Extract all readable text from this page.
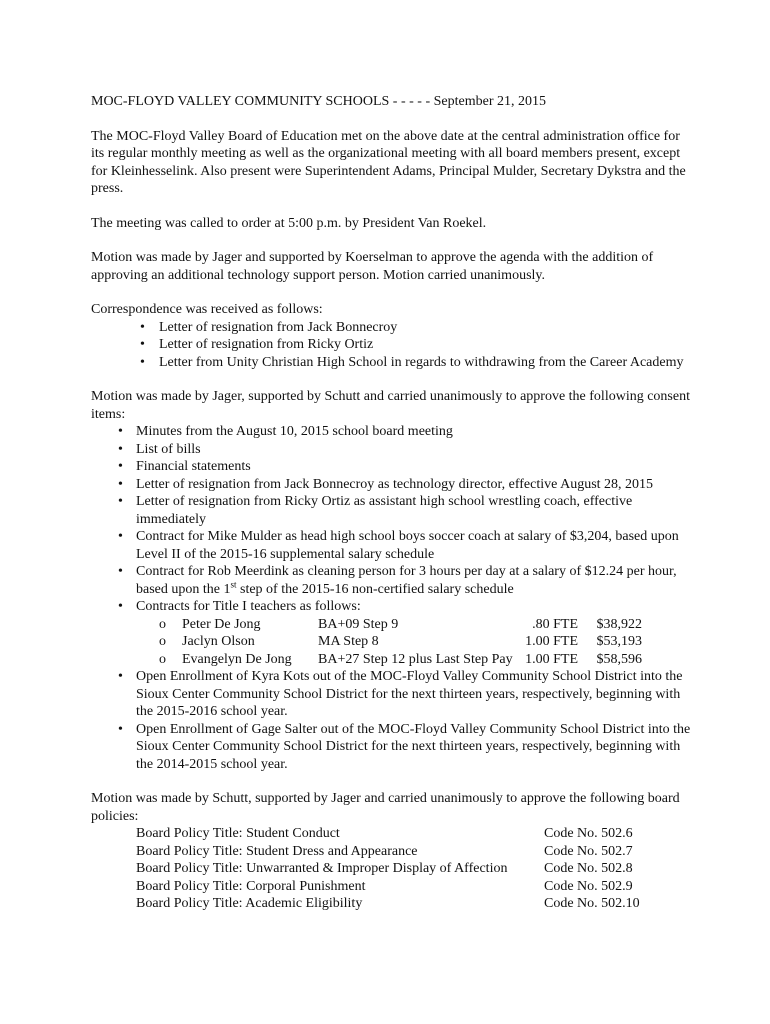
MOC-FLOYD VALLEY COMMUNITY SCHOOLS - - - - - September 21, 2015

The MOC-Floyd Valley Board of Education met on the above date at the central administration office for its regular monthly meeting as well as the organizational meeting with all board members present, except for Kleinhesselink. Also present were Superintendent Adams, Principal Mulder, Secretary Dykstra and the press.

The meeting was called to order at 5:00 p.m. by President Van Roekel.

Motion was made by Jager and supported by Koerselman to approve the agenda with the addition of approving an additional technology support person. Motion carried unanimously.

Correspondence was received as follows:

• Letter of resignation from Jack Bonnecroy
• Letter of resignation from Ricky Ortiz
• Letter from Unity Christian High School in regards to withdrawing from the Career Academy

Motion was made by Jager, supported by Schutt and carried unanimously to approve the following consent items:

• Minutes from the August 10, 2015 school board meeting
• List of bills
• Financial statements
• Letter of resignation from Jack Bonnecroy as technology director, effective August 28, 2015
• Letter of resignation from Ricky Ortiz as assistant high school wrestling coach, effective immediately
• Contract for Mike Mulder as head high school boys soccer coach at salary of $3,204, based upon Level II of the 2015-16 supplemental salary schedule
• Contract for Rob Meerdink as cleaning person for 3 hours per day at a salary of $12.24 per hour, based upon the 1st step of the 2015-16 non-certified salary schedule
• Contracts for Title I teachers as follows:
o	Peter De Jong	BA+09 Step 9	.80 FTE	$38,922
o	Jaclyn Olson	MA Step 8	1.00 FTE	$53,193
o	Evangelyn De Jong	BA+27 Step 12 plus Last Step Pay 1.00 FTE	$58,596
• Open Enrollment of Kyra Kots out of the MOC-Floyd Valley Community School District into the Sioux Center Community School District for the next thirteen years, respectively, beginning with the 2015-2016 school year.
• Open Enrollment of Gage Salter out of the MOC-Floyd Valley Community School District into the Sioux Center Community School District for the next thirteen years, respectively, beginning with the 2014-2015 school year.

Motion was made by Schutt, supported by Jager and carried unanimously to approve the following board policies:

Board Policy Title: Student Conduct	Code No. 502.6
Board Policy Title: Student Dress and Appearance	Code No. 502.7
Board Policy Title: Unwarranted & Improper Display of Affection	Code No. 502.8
Board Policy Title: Corporal Punishment	Code No. 502.9
Board Policy Title: Academic Eligibility	Code No. 502.10
